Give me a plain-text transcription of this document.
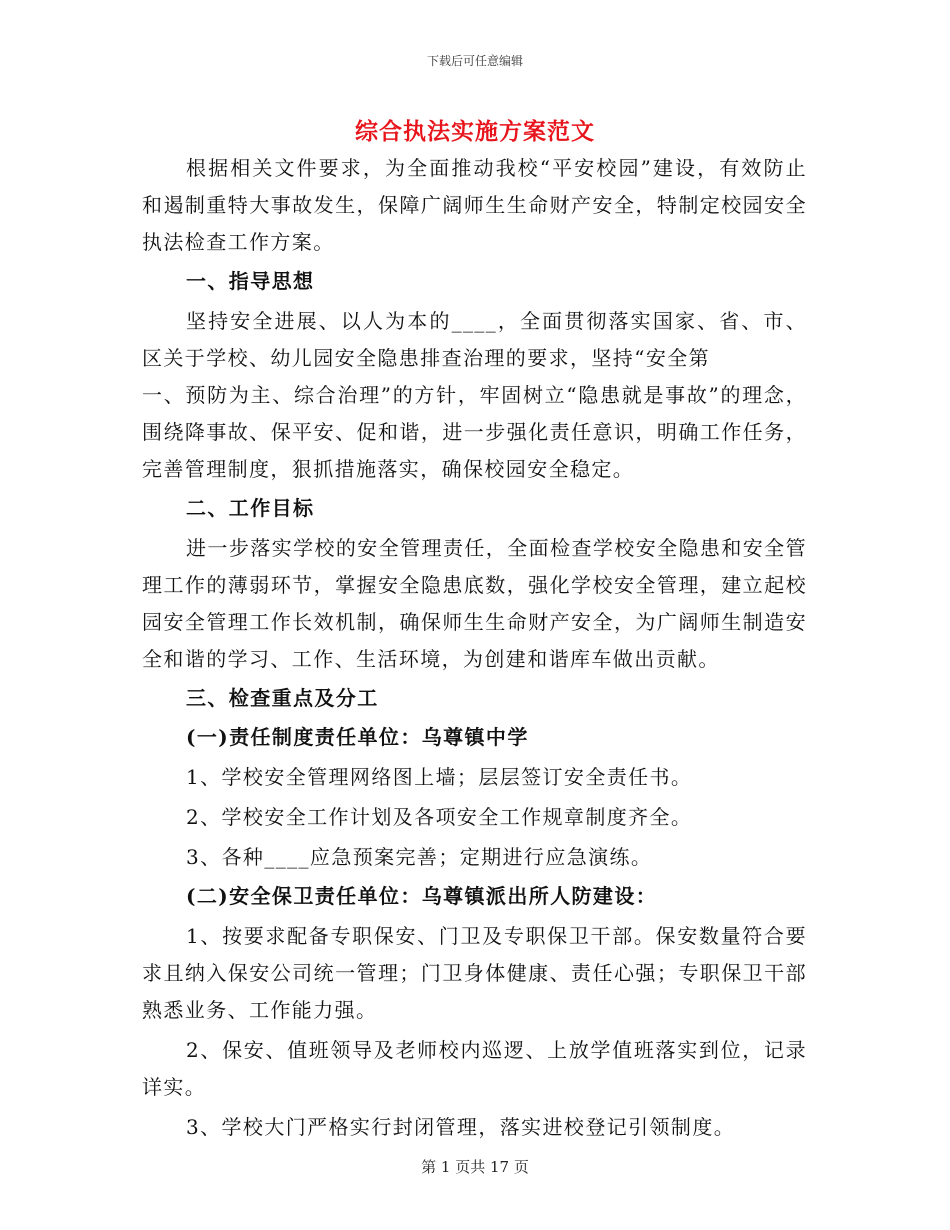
下载后可任意编辑
综合执法实施方案范文

根据相关文件要求，为全面推动我校“平安校园”建设，有效防止和遏制重特大事故发生，保障广阔师生生命财产安全，特制定校园安全执法检查工作方案。

一、指导思想

坚持安全进展、以人为本的____，全面贯彻落实国家、省、市、区关于学校、幼儿园安全隐患排查治理的要求，坚持“安全第

一、预防为主、综合治理”的方针，牢固树立“隐患就是事故”的理念，围绕降事故、保平安、促和谐，进一步强化责任意识，明确工作任务，完善管理制度，狠抓措施落实，确保校园安全稳定。

二、工作目标

进一步落实学校的安全管理责任，全面检查学校安全隐患和安全管理工作的薄弱环节，掌握安全隐患底数，强化学校安全管理，建立起校园安全管理工作长效机制，确保师生生命财产安全，为广阔师生制造安全和谐的学习、工作、生活环境，为创建和谐库车做出贡献。

三、检查重点及分工

(一)责任制度责任单位：乌尊镇中学

1、学校安全管理网络图上墙；层层签订安全责任书。

2、学校安全工作计划及各项安全工作规章制度齐全。

3、各种____应急预案完善；定期进行应急演练。

(二)安全保卫责任单位：乌尊镇派出所人防建设：

1、按要求配备专职保安、门卫及专职保卫干部。保安数量符合要求且纳入保安公司统一管理；门卫身体健康、责任心强；专职保卫干部熟悉业务、工作能力强。

2、保安、值班领导及老师校内巡逻、上放学值班落实到位，记录详实。

3、学校大门严格实行封闭管理，落实进校登记引领制度。

第 1 页共 17 页
